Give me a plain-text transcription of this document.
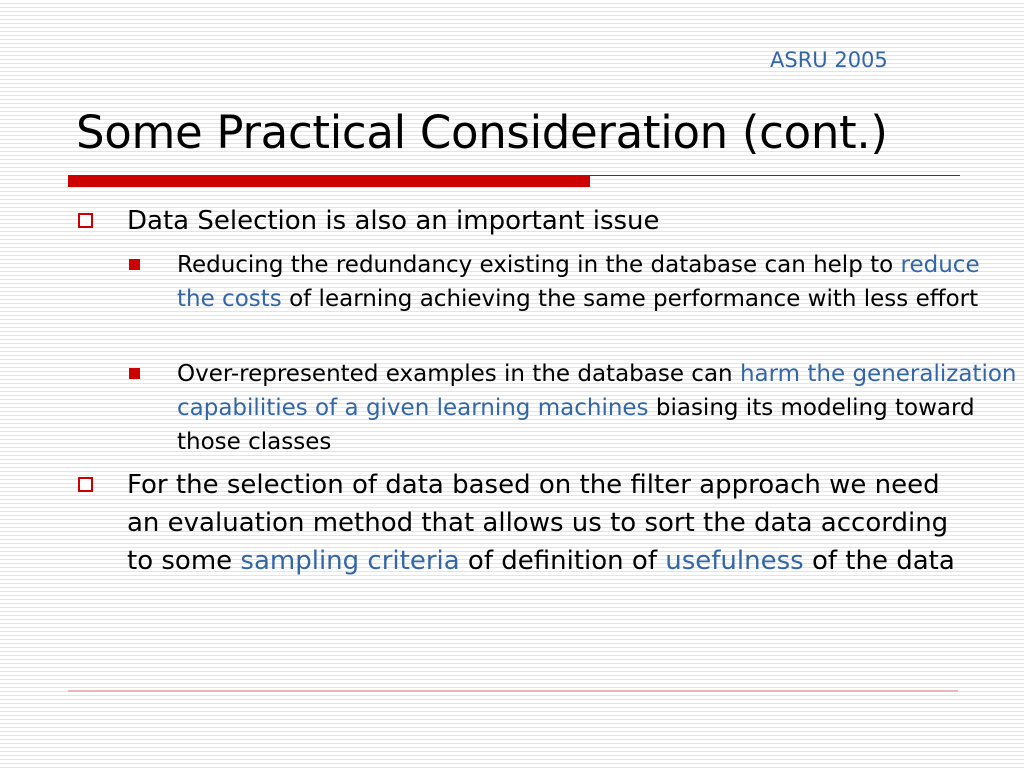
ASRU 2005
Some Practical Consideration (cont.)
Data Selection is also an important issue
Reducing the redundancy existing in the database can help to reduce the costs of learning achieving the same performance with less effort
Over-represented examples in the database can harm the generalization capabilities of a given learning machines biasing its modeling toward those classes
For the selection of data based on the filter approach we need an evaluation method that allows us to sort the data according to some sampling criteria of definition of usefulness of the data
